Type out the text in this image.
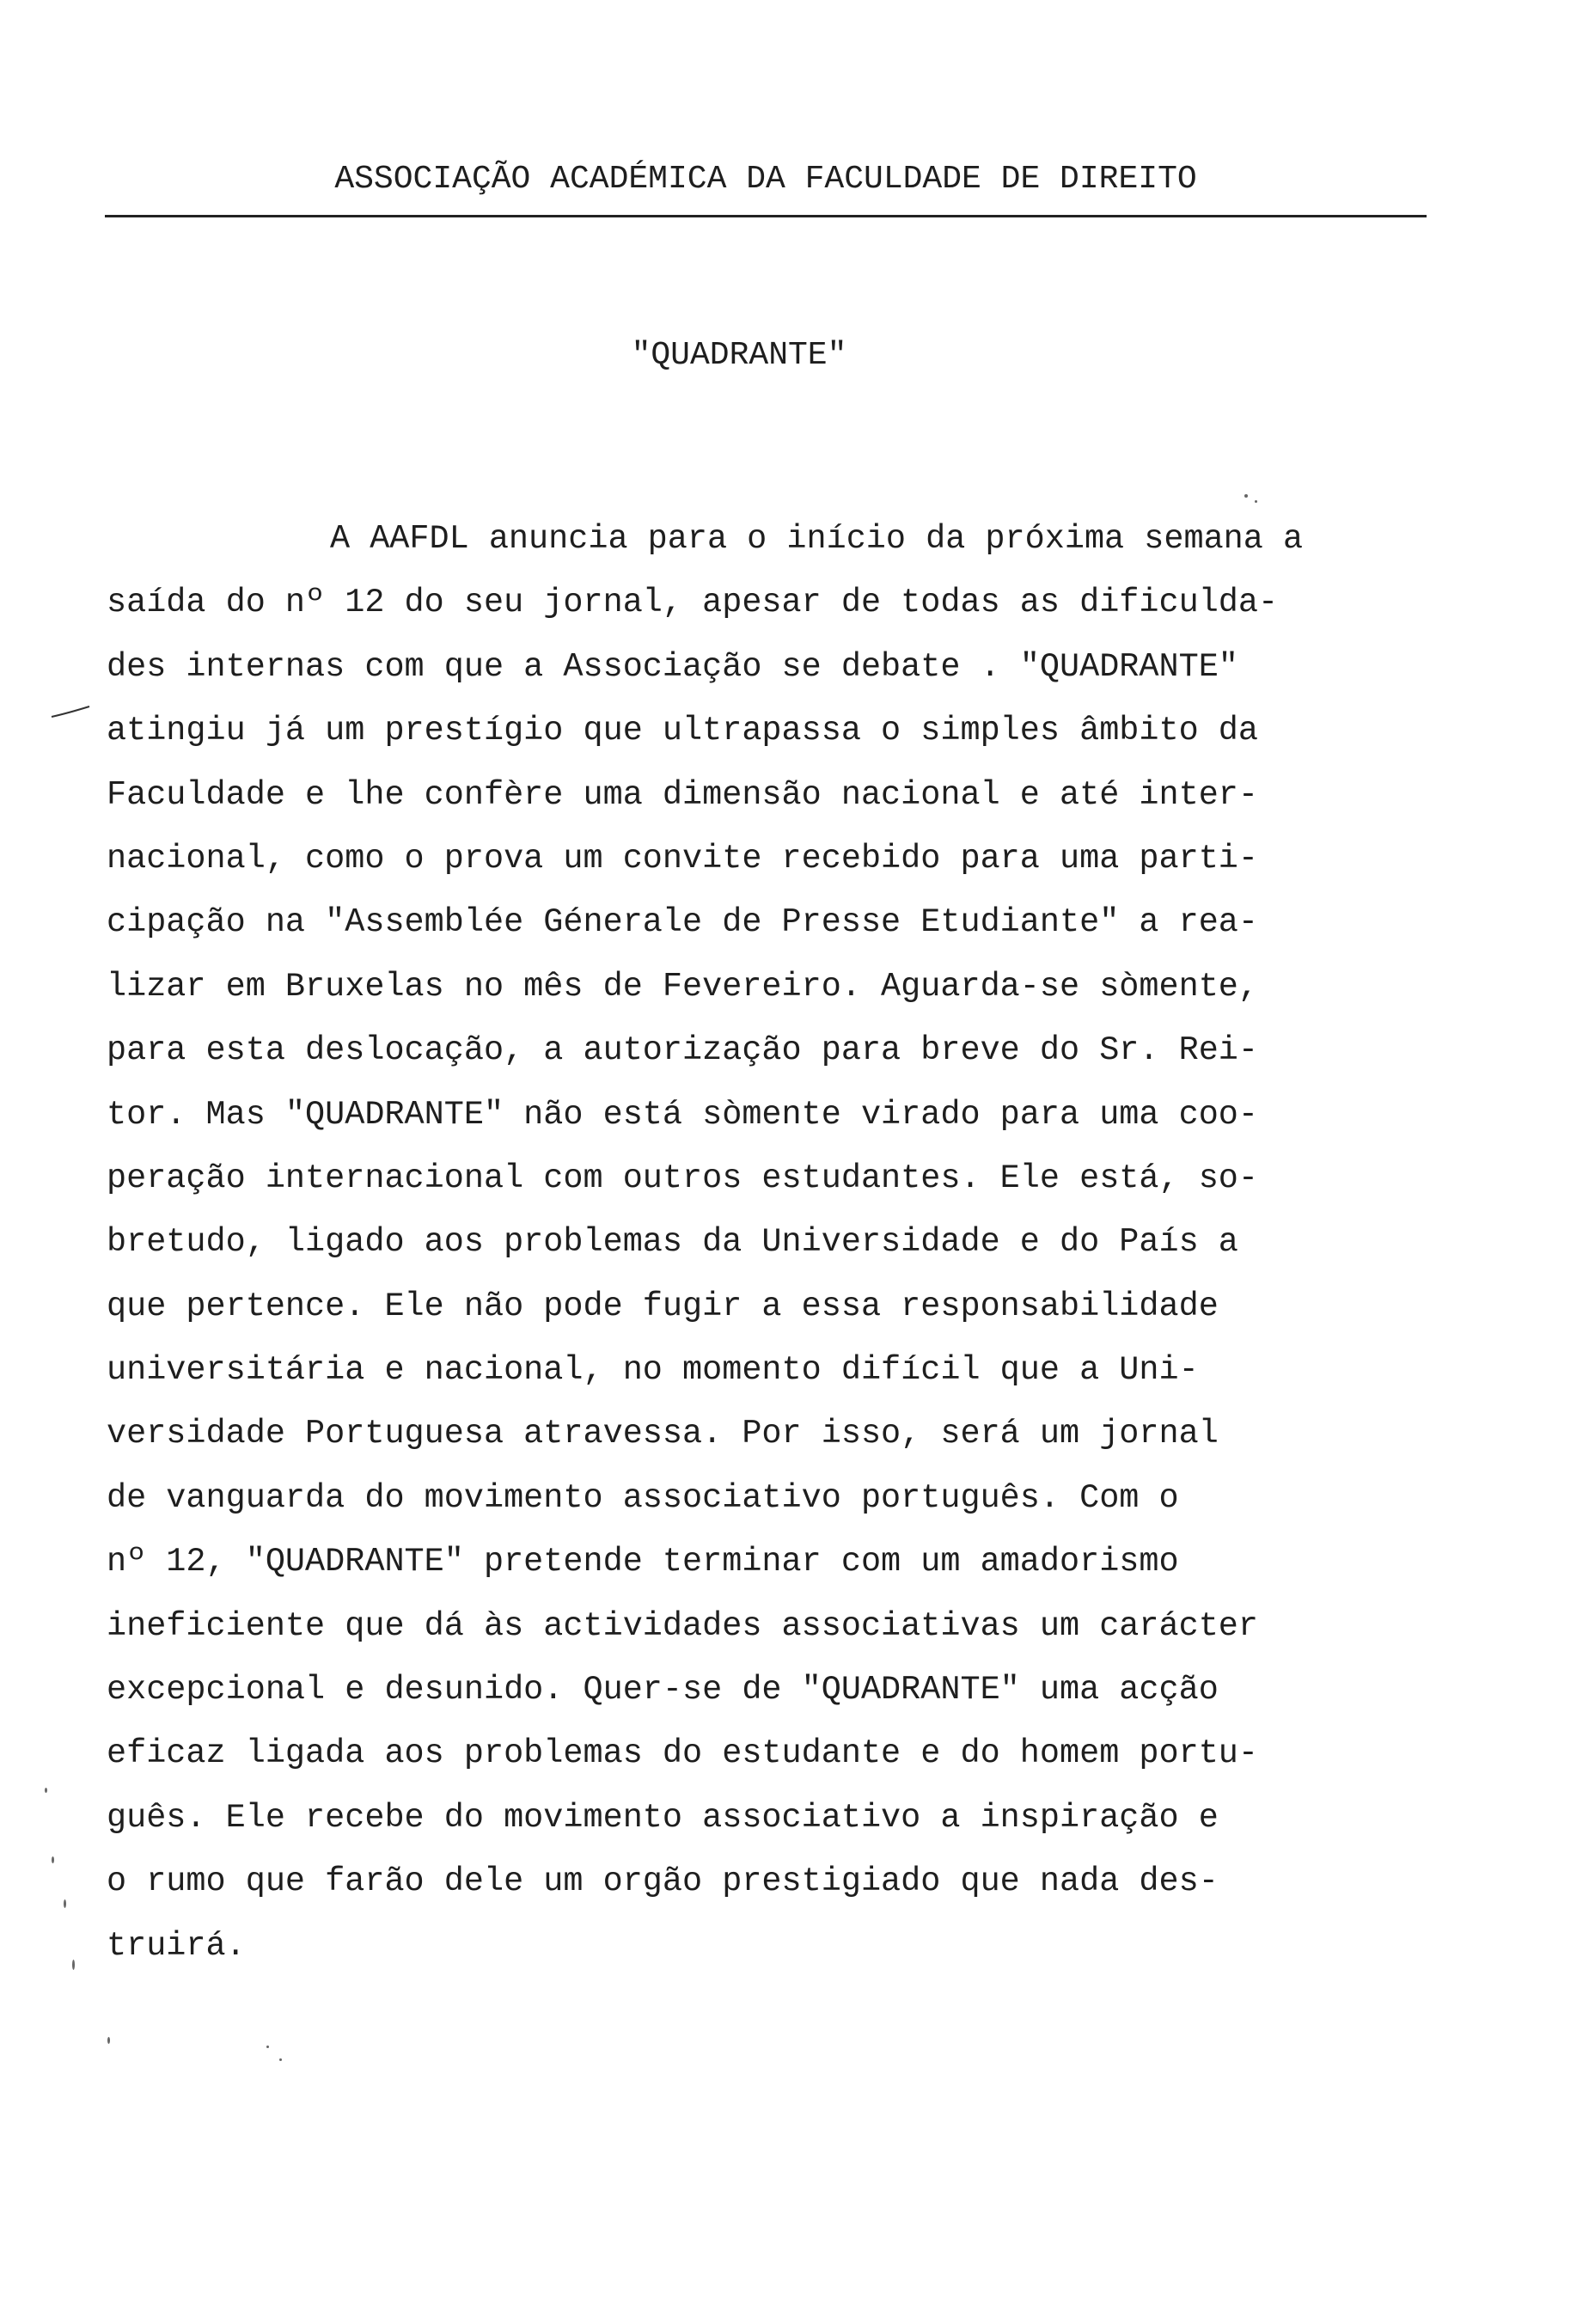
ASSOCIAÇÃO ACADÉMICA DA FACULDADE DE DIREITO
"QUADRANTE"
A AAFDL anuncia para o início da próxima semana a
saída do nº 12 do seu jornal, apesar de todas as dificulda-
des internas com que a Associação se debate . "QUADRANTE"
atingiu já um prestígio que ultrapassa o simples âmbito da
Faculdade e lhe confère uma dimensão nacional e até inter-
nacional, como o prova um convite recebido para uma parti-
cipação na "Assemblée Génerale de Presse Etudiante" a rea-
lizar em Bruxelas no mês de Fevereiro. Aguarda-se sòmente,
para esta deslocação, a autorização para breve do Sr. Rei-
tor. Mas "QUADRANTE" não está sòmente virado para uma coo-
peração internacional com outros estudantes. Ele está, so-
bretudo, ligado aos problemas da Universidade e do País a
que pertence. Ele não pode fugir a essa responsabilidade
universitária e nacional, no momento difícil que a Uni-
versidade Portuguesa atravessa. Por isso, será um jornal
de vanguarda do movimento associativo português. Com o
nº 12, "QUADRANTE" pretende terminar com um amadorismo
ineficiente que dá às actividades associativas um carácter
excepcional e desunido. Quer-se de "QUADRANTE" uma acção
eficaz ligada aos problemas do estudante e do homem portu-
guês. Ele recebe do movimento associativo a inspiração e
o rumo que farão dele um orgão prestigiado que nada des-
truirá.
